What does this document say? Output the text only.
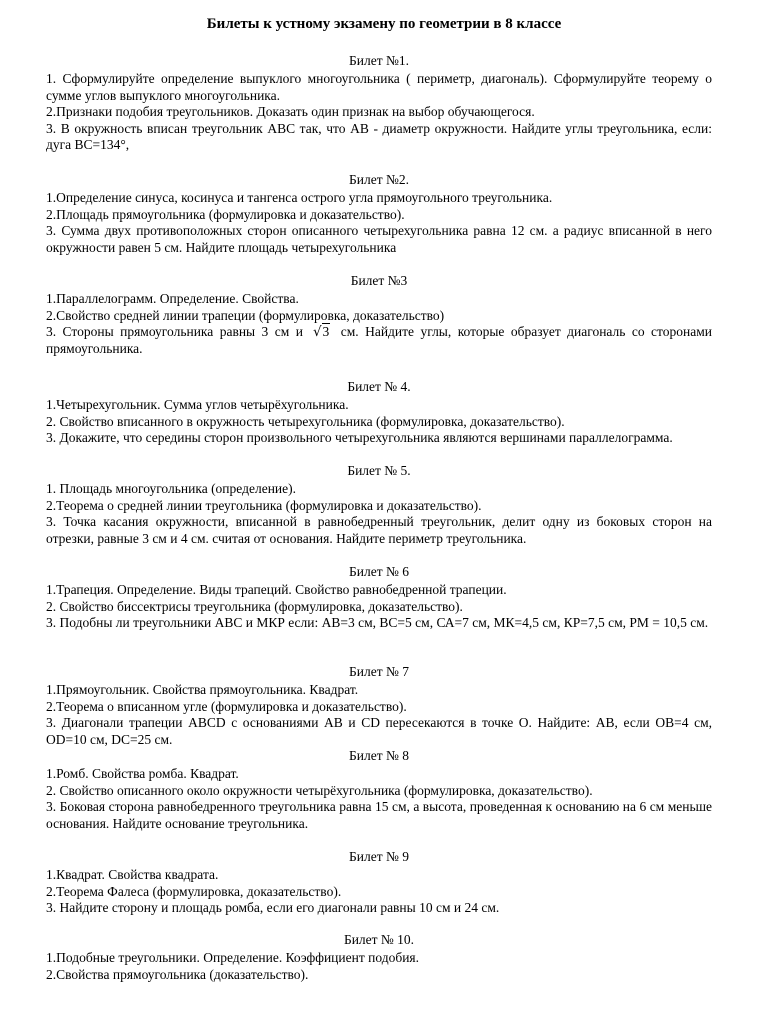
Билеты к устному экзамену по геометрии в 8 классе
Билет №1.

1. Сформулируйте определение выпуклого многоугольника ( периметр, диагональ). Сформулируйте теорему о сумме углов выпуклого многоугольника.

2.Признаки подобия треугольников. Доказать один признак на выбор обучающегося.

3. В окружность вписан треугольник АВС так, что АВ - диаметр окружности. Найдите углы треугольника, если: дуга ВС=134°,

Билет №2.

1.Определение синуса, косинуса и тангенса острого угла прямоугольного треугольника.

2.Площадь прямоугольника (формулировка и доказательство).

3. Сумма двух противоположных сторон описанного четырехугольника равна 12 см. а радиус вписанной в него окружности равен 5 см. Найдите площадь четырехугольника

Билет №3

1.Параллелограмм. Определение. Свойства.

2.Свойство средней линии трапеции (формулировка, доказательство)

3. Стороны прямоугольника равны 3 см и √3 см. Найдите углы, которые образует диагональ со сторонами прямоугольника.

Билет № 4.

1.Четырехугольник. Сумма углов четырёхугольника.

2. Свойство вписанного в окружность четырехугольника (формулировка, доказательство).

3. Докажите, что середины сторон произвольного четырехугольника являются вершинами параллелограмма.

Билет № 5.

1. Площадь многоугольника (определение).

2.Теорема о средней линии треугольника (формулировка и доказательство).

3. Точка касания окружности, вписанной в равнобедренный треугольник, делит одну из боковых сторон на отрезки, равные 3 см и 4 см. считая от основания. Найдите периметр треугольника.

Билет № 6

1.Трапеция. Определение. Виды трапеций. Свойство равнобедренной трапеции.

2. Свойство биссектрисы треугольника (формулировка, доказательство).

3. Подобны ли треугольники АВС и МКР если: АВ=3 см, ВС=5 см, СА=7 см, МК=4,5 см, КР=7,5 см, РМ = 10,5 см.

Билет № 7

1.Прямоугольник. Свойства прямоугольника. Квадрат.

2.Теорема о вписанном угле (формулировка и доказательство).

3. Диагонали трапеции АВСD с основаниями АВ и СD пересекаются в точке О. Найдите: АВ, если ОВ=4 см, ОD=10 см, DC=25 см.

Билет № 8

1.Ромб. Свойства ромба. Квадрат.

2. Свойство описанного около окружности четырёхугольника (формулировка, доказательство).

3. Боковая сторона равнобедренного треугольника равна 15 см, а высота, проведенная к основанию на 6 см меньше основания. Найдите основание треугольника.

Билет № 9

1.Квадрат. Свойства квадрата.

2.Теорема Фалеса (формулировка, доказательство).

3. Найдите сторону и площадь ромба, если его диагонали равны 10 см и 24 см.

Билет № 10.

1.Подобные треугольники. Определение. Коэффициент подобия.

2.Свойства прямоугольника (доказательство).
